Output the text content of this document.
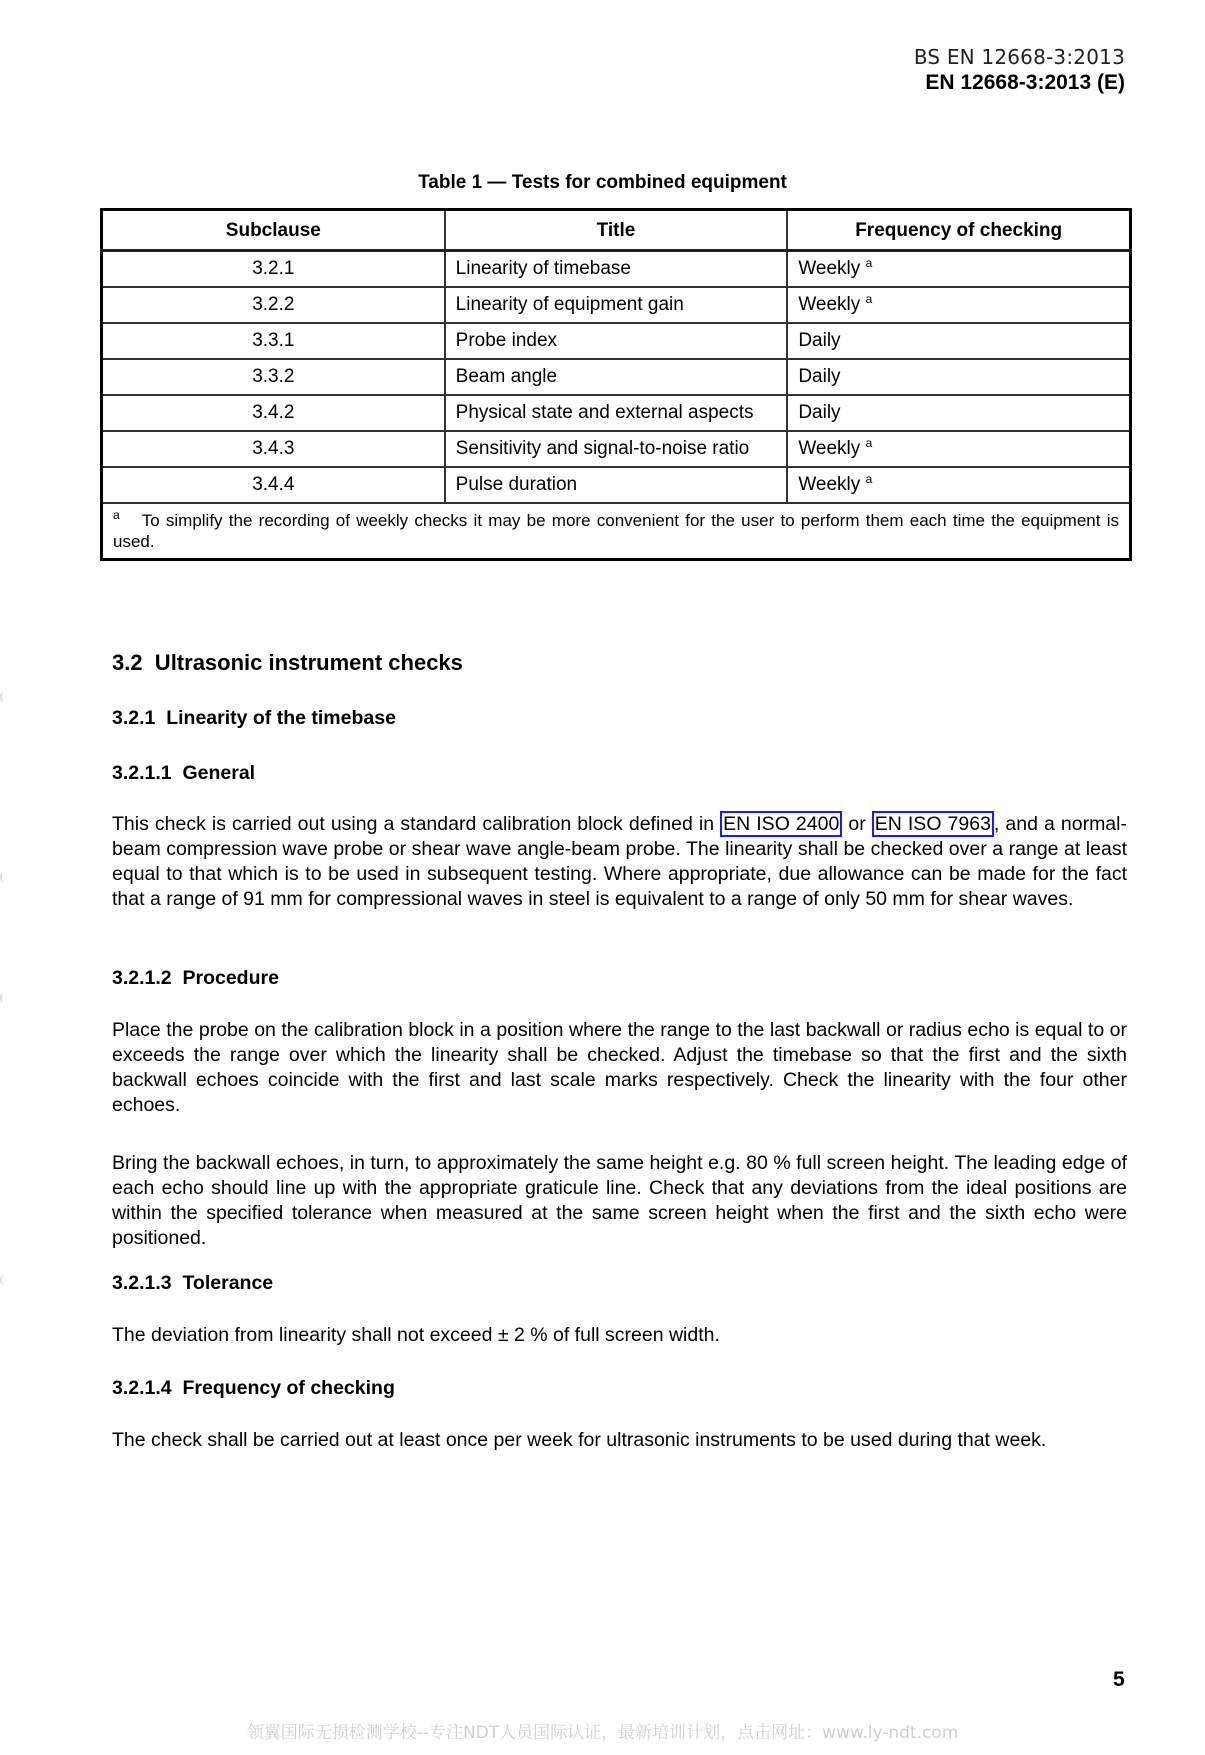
BS EN 12668-3:2013
EN 12668-3:2013 (E)
Table 1 — Tests for combined equipment
Subclause	Title	Frequency of checking
3.2.1	Linearity of timebase	Weekly $^a$
3.2.2	Linearity of equipment gain	Weekly $^a$
3.3.1	Probe index	Daily
3.3.2	Beam angle	Daily
3.4.2	Physical state and external aspects	Daily
3.4.3	Sensitivity and signal-to-noise ratio	Weekly $^a$
3.4.4	Pulse duration	Weekly $^a$
$^a$ To simplify the recording of weekly checks it may be more convenient for the user to perform them each time the equipment is used.		
3.2  Ultrasonic instrument checks
3.2.1  Linearity of the timebase
3.2.1.1  General
This check is carried out using a standard calibration block defined in EN ISO 2400 or EN ISO 7963 , and a normal-beam compression wave probe or shear wave angle-beam probe. The linearity shall be checked over a range at least equal to that which is to be used in subsequent testing. Where appropriate, due allowance can be made for the fact that a range of 91 mm for compressional waves in steel is equivalent to a range of only 50 mm for shear waves.
3.2.1.2  Procedure
Place the probe on the calibration block in a position where the range to the last backwall or radius echo is equal to or exceeds the range over which the linearity shall be checked. Adjust the timebase so that the first and the sixth backwall echoes coincide with the first and last scale marks respectively. Check the linearity with the four other echoes.
Bring the backwall echoes, in turn, to approximately the same height e.g. 80 % full screen height. The leading edge of each echo should line up with the appropriate graticule line. Check that any deviations from the ideal positions are within the specified tolerance when measured at the same screen height when the first and the sixth echo were positioned.
3.2.1.3  Tolerance
The deviation from linearity shall not exceed ± 2 % of full screen width.
3.2.1.4  Frequency of checking
The check shall be carried out at least once per week for ultrasonic instruments to be used during that week.
5
领翼国际无损检测学校--专注NDT人员国际认证，最新培训计划，点击网址：www.ly-ndt.com
